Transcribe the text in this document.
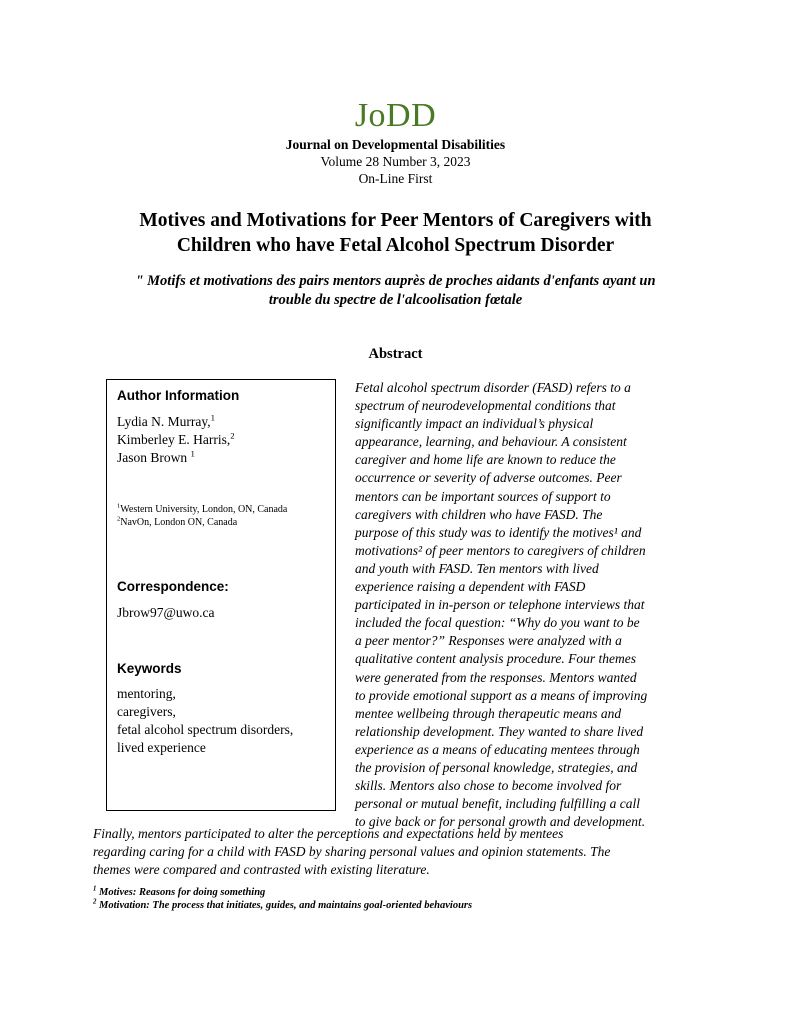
JoDD
Journal on Developmental Disabilities
Volume 28 Number 3, 2023
On-Line First
Motives and Motivations for Peer Mentors of Caregivers with
Children who have Fetal Alcohol Spectrum Disorder
" Motifs et motivations des pairs mentors auprès de proches aidants d'enfants ayant un
trouble du spectre de l'alcoolisation fœtale
Abstract
Author Information
Lydia N. Murray,$^1$
Kimberley E. Harris,$^2$
Jason Brown $^1$
$^1$Western University, London, ON, Canada
$^2$NavOn, London ON, Canada
Correspondence:
Jbrow97@uwo.ca
Keywords
mentoring,
caregivers,
fetal alcohol spectrum disorders,
lived experience
Fetal alcohol spectrum disorder (FASD) refers to a
spectrum of neurodevelopmental conditions that
significantly impact an individual’s physical
appearance, learning, and behaviour. A consistent
caregiver and home life are known to reduce the
occurrence or severity of adverse outcomes. Peer
mentors can be important sources of support to
caregivers with children who have FASD. The
purpose of this study was to identify the motives¹ and
motivations² of peer mentors to caregivers of children
and youth with FASD. Ten mentors with lived
experience raising a dependent with FASD
participated in in-person or telephone interviews that
included the focal question: “Why do you want to be
a peer mentor?” Responses were analyzed with a
qualitative content analysis procedure. Four themes
were generated from the responses. Mentors wanted
to provide emotional support as a means of improving
mentee wellbeing through therapeutic means and
relationship development. They wanted to share lived
experience as a means of educating mentees through
the provision of personal knowledge, strategies, and
skills. Mentors also chose to become involved for
personal or mutual benefit, including fulfilling a call
to give back or for personal growth and development.
Finally, mentors participated to alter the perceptions and expectations held by mentees
regarding caring for a child with FASD by sharing personal values and opinion statements. The
themes were compared and contrasted with existing literature.
$^1$ Motives: Reasons for doing something
$^2$ Motivation: The process that initiates, guides, and maintains goal-oriented behaviours
